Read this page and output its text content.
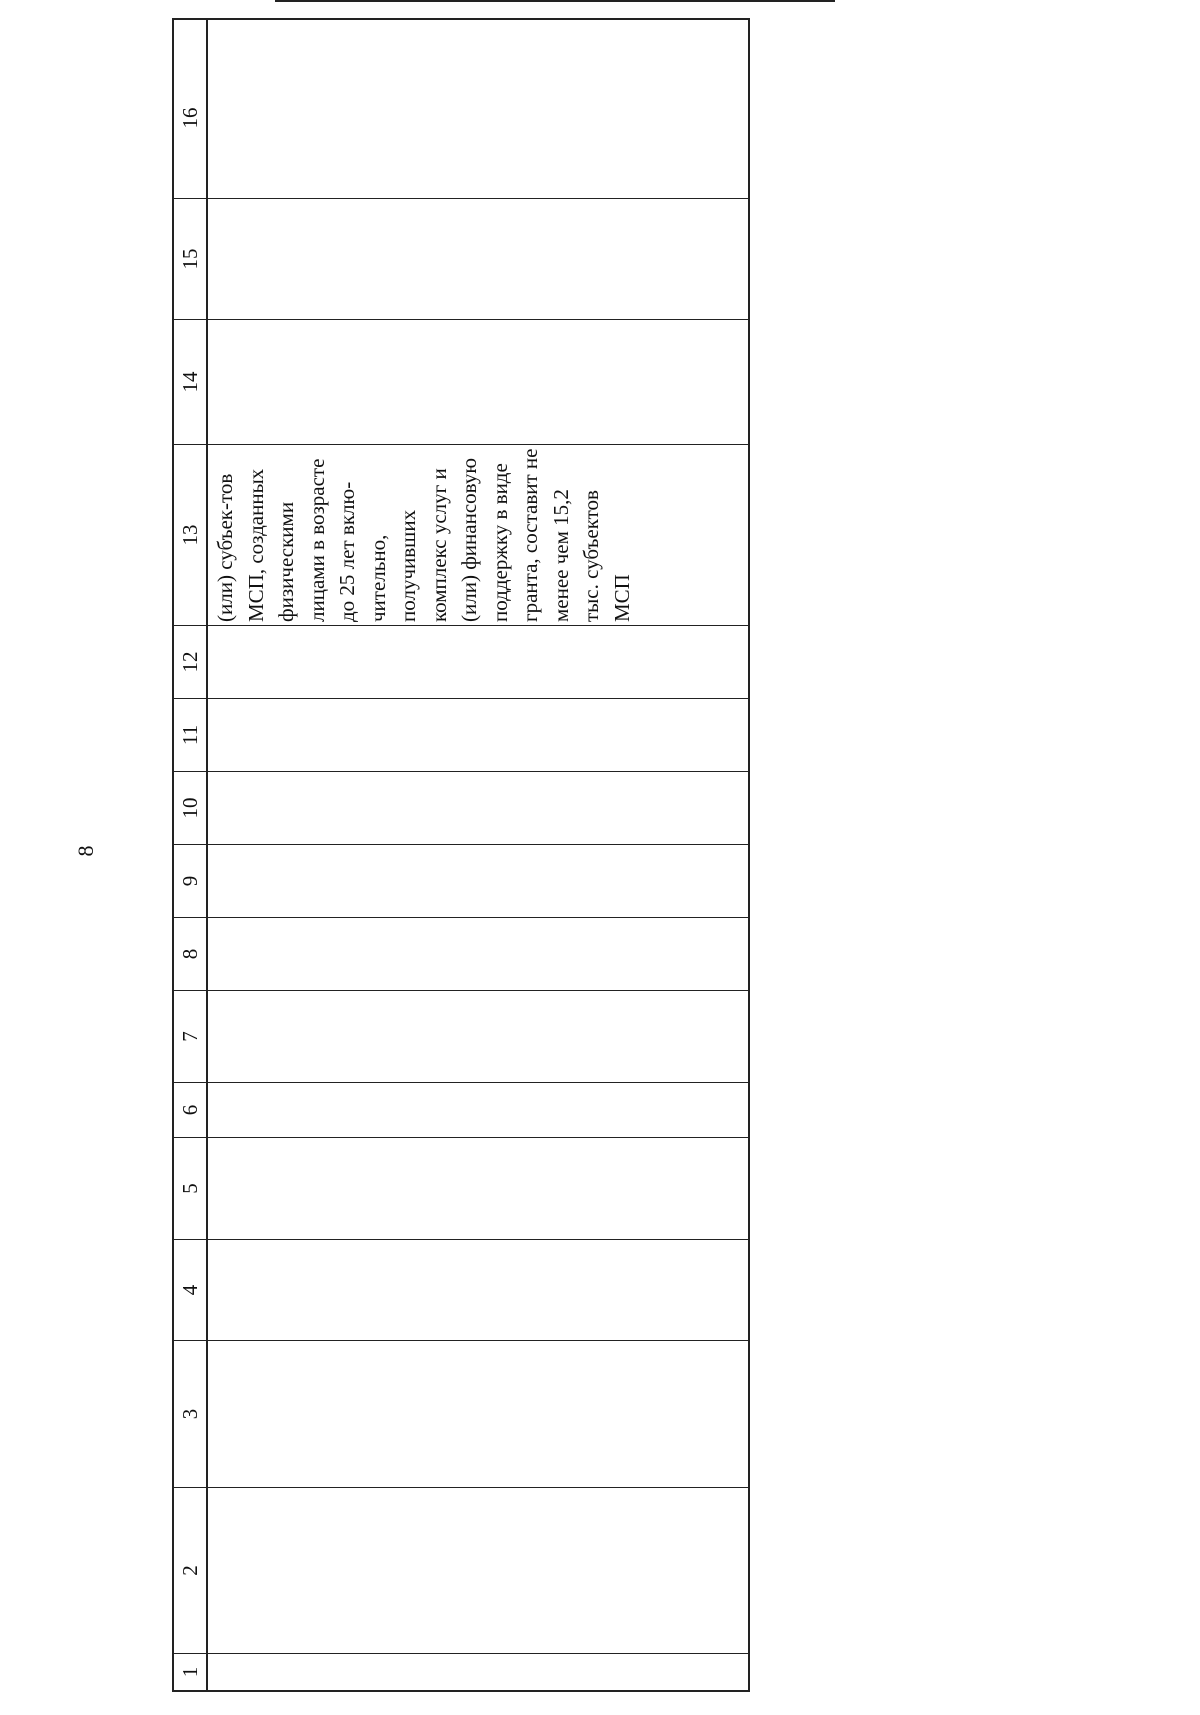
8
1
2
3
4
5
6
7
8
9
10
11
12
13
14
15
16
(или) субъек-тов МСП, созданных физическими лицами в возрасте до 25 лет вклю-чительно, получивших комплекс услуг и (или) финансовую поддержку в виде гранта, составит не менее чем 15,2 тыс. субъектов МСП
